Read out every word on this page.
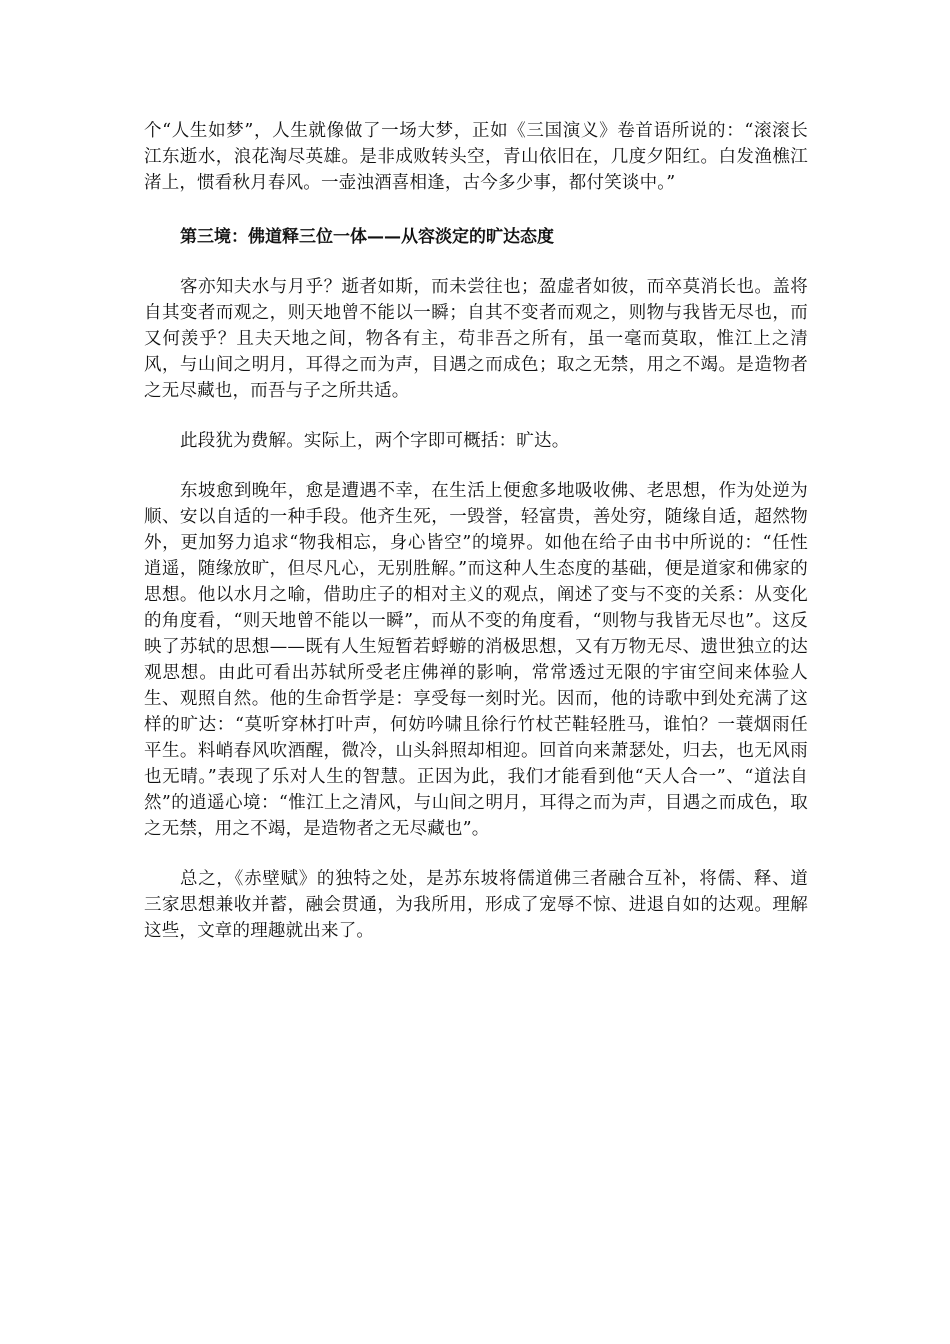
个“人生如梦”，人生就像做了一场大梦，正如《三国演义》卷首语所说的：“滚滚长江东逝水，浪花淘尽英雄。是非成败转头空，青山依旧在，几度夕阳红。白发渔樵江渚上，惯看秋月春风。一壶浊酒喜相逢，古今多少事，都付笑谈中。”

第三境：佛道释三位一体——从容淡定的旷达态度

客亦知夫水与月乎？逝者如斯，而未尝往也；盈虚者如彼，而卒莫消长也。盖将自其变者而观之，则天地曾不能以一瞬；自其不变者而观之，则物与我皆无尽也，而又何羡乎？且夫天地之间，物各有主，苟非吾之所有，虽一毫而莫取，惟江上之清风，与山间之明月，耳得之而为声，目遇之而成色；取之无禁，用之不竭。是造物者之无尽藏也，而吾与子之所共适。

此段犹为费解。实际上，两个字即可概括：旷达。

东坡愈到晚年，愈是遭遇不幸，在生活上便愈多地吸收佛、老思想，作为处逆为顺、安以自适的一种手段。他齐生死，一毁誉，轻富贵，善处穷，随缘自适，超然物外，更加努力追求“物我相忘，身心皆空”的境界。如他在给子由书中所说的：“任性逍遥，随缘放旷，但尽凡心，无别胜解。”而这种人生态度的基础，便是道家和佛家的思想。他以水月之喻，借助庄子的相对主义的观点，阐述了变与不变的关系：从变化的角度看，“则天地曾不能以一瞬”，而从不变的角度看，“则物与我皆无尽也”。这反映了苏轼的思想——既有人生短暂若蜉蝣的消极思想，又有万物无尽、遗世独立的达观思想。由此可看出苏轼所受老庄佛禅的影响，常常透过无限的宇宙空间来体验人生、观照自然。他的生命哲学是：享受每一刻时光。因而，他的诗歌中到处充满了这样的旷达：“莫听穿林打叶声，何妨吟啸且徐行竹杖芒鞋轻胜马，谁怕？一蓑烟雨任平生。料峭春风吹酒醒，微冷，山头斜照却相迎。回首向来萧瑟处，归去，也无风雨也无晴。”表现了乐对人生的智慧。正因为此，我们才能看到他“天人合一”、“道法自然”的逍遥心境：“惟江上之清风，与山间之明月，耳得之而为声，目遇之而成色，取之无禁，用之不竭，是造物者之无尽藏也”。

总之，《赤壁赋》的独特之处，是苏东坡将儒道佛三者融合互补，将儒、释、道三家思想兼收并蓄，融会贯通，为我所用，形成了宠辱不惊、进退自如的达观。理解这些，文章的理趣就出来了。
